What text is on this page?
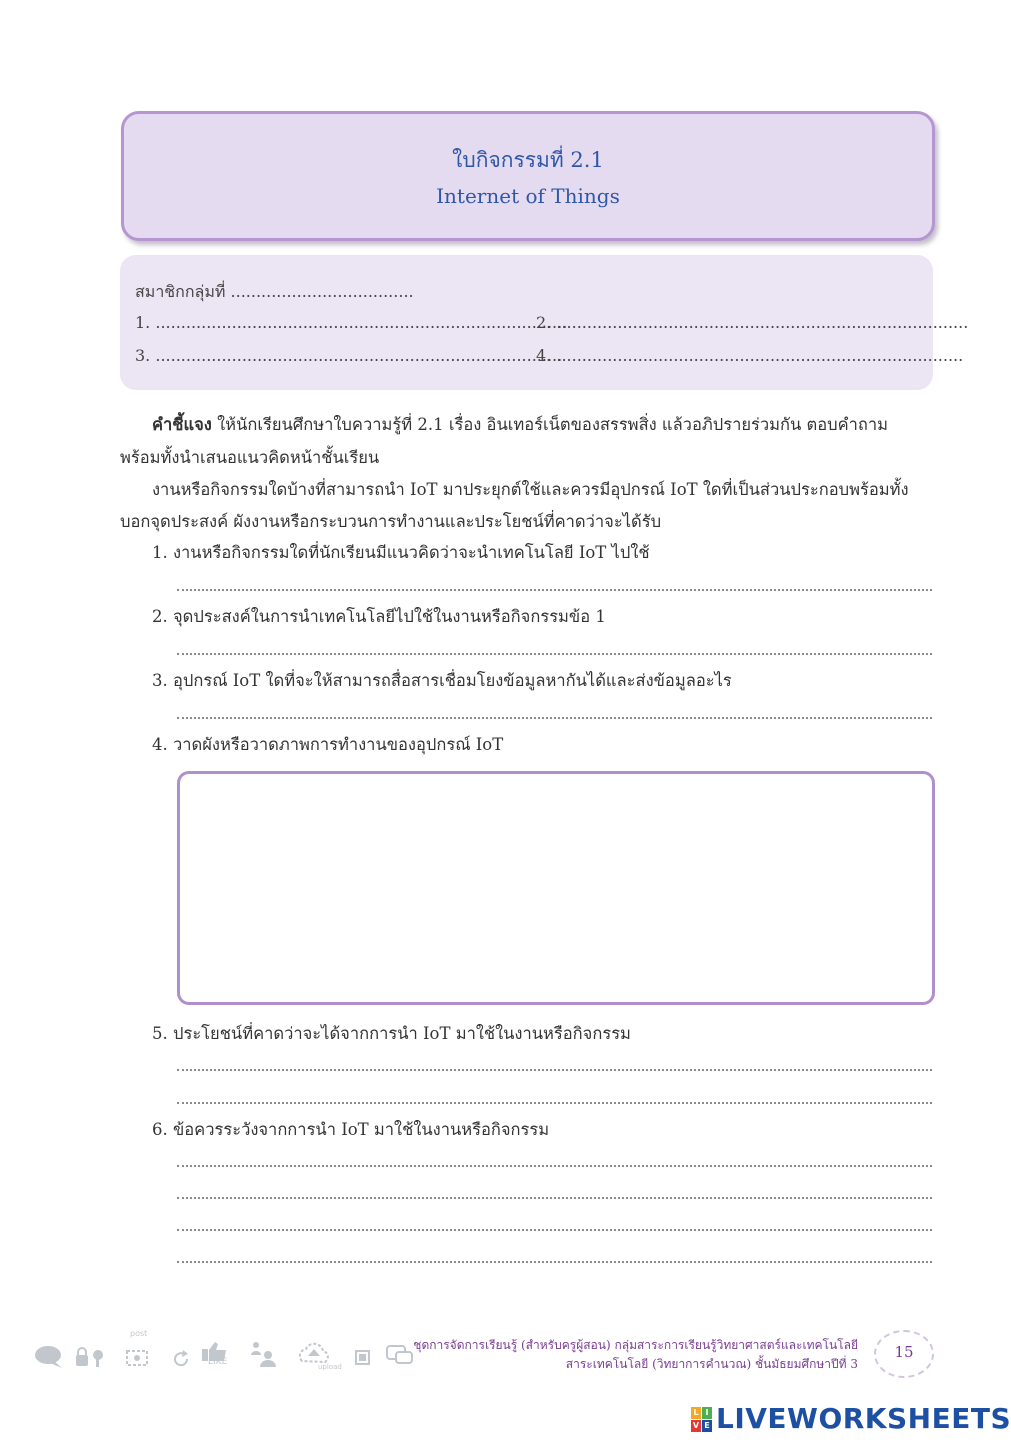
ใบกิจกรรมที่ 2.1
Internet of Things
สมาชิกกลุ่มที่ ....................................
1. .................................................................................
2. .................................................................................
3. ................................................................................
4. ................................................................................
คำชี้แจง ให้นักเรียนศึกษาใบความรู้ที่ 2.1 เรื่อง อินเทอร์เน็ตของสรรพสิ่ง แล้วอภิปรายร่วมกัน ตอบคำถาม
พร้อมทั้งนำเสนอแนวคิดหน้าชั้นเรียน
งานหรือกิจกรรมใดบ้างที่สามารถนำ IoT มาประยุกต์ใช้และควรมีอุปกรณ์ IoT ใดที่เป็นส่วนประกอบพร้อมทั้ง
บอกจุดประสงค์ ผังงานหรือกระบวนการทำงานและประโยชน์ที่คาดว่าจะได้รับ
1. งานหรือกิจกรรมใดที่นักเรียนมีแนวคิดว่าจะนำเทคโนโลยี IoT ไปใช้
2. จุดประสงค์ในการนำเทคโนโลยีไปใช้ในงานหรือกิจกรรมข้อ 1
3. อุปกรณ์ IoT ใดที่จะให้สามารถสื่อสารเชื่อมโยงข้อมูลหากันได้และส่งข้อมูลอะไร
4. วาดผังหรือวาดภาพการทำงานของอุปกรณ์ IoT
5. ประโยชน์ที่คาดว่าจะได้จากการนำ IoT มาใช้ในงานหรือกิจกรรม
6. ข้อควรระวังจากการนำ IoT มาใช้ในงานหรือกิจกรรม
post
LIKE	upload
ชุดการจัดการเรียนรู้ (สำหรับครูผู้สอน) กลุ่มสาระการเรียนรู้วิทยาศาสตร์และเทคโนโลยี
สาระเทคโนโลยี (วิทยาการคำนวณ) ชั้นมัธยมศึกษาปีที่ 3
15
L I
V E LIVEWORKSHEETS
